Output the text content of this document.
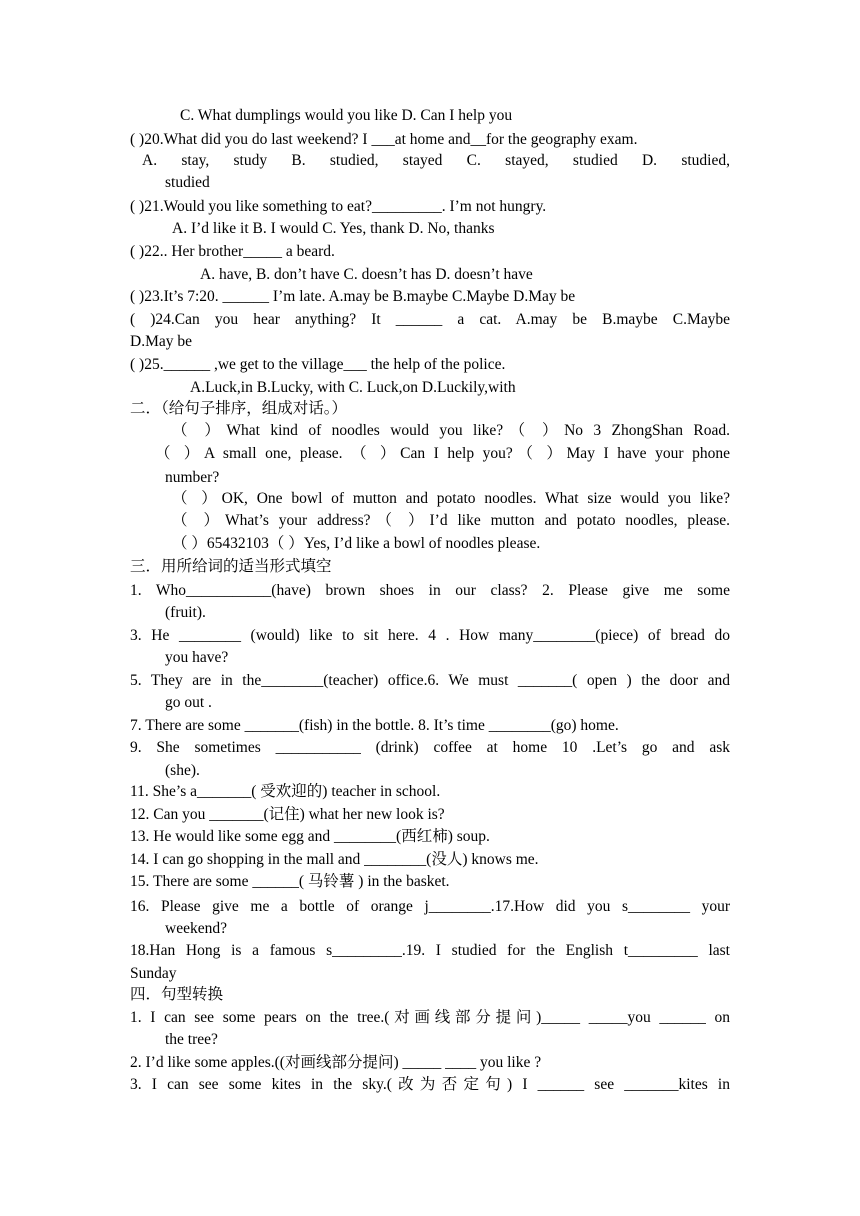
C. What dumplings would you like D. Can I help you
( )20.What did you do last weekend? I ___at home and__for the geography exam.
A. stay, study B. studied, stayed C. stayed, studied D. studied,
studied
( )21.Would you like something to eat?_________. I’m not hungry.
A. I’d like it B. I would C. Yes, thank D. No, thanks
( )22.. Her brother_____ a beard.
A. have, B. don’t have C. doesn’t has D. doesn’t have
( )23.It’s 7:20. ______ I’m late. A.may be B.maybe C.Maybe D.May be
( )24.Can you hear anything? It ______ a cat. A.may be B.maybe C.Maybe
D.May be
( )25.______ ,we get to the village___ the help of the police.
A.Luck,in B.Lucky, with C. Luck,on D.Luckily,with
二．（给句子排序，组成对话。）
（ ）What kind of noodles would you like?（ ）No 3 ZhongShan Road.
（ ）A small one, please. （ ）Can I help you?（ ）May I have your phone
number?
（ ）OK, One bowl of mutton and potato noodles. What size would you like?
（ ）What’s your address?（ ）I’d like mutton and potato noodles, please.
（ ）65432103（ ）Yes, I’d like a bowl of noodles please.
三．用所给词的适当形式填空
1. Who___________(have) brown shoes in our class? 2. Please give me some
(fruit).
3. He ________ (would) like to sit here. 4 . How many________(piece) of bread do
you have?
5. They are in the________(teacher) office.6. We must _______( open ) the door and
go out .
7. There are some _______(fish) in the bottle. 8. It’s time ________(go) home.
9. She sometimes ___________ (drink) coffee at home 10 .Let’s go and ask
(she).
11. She’s a_______( 受欢迎的) teacher in school.
12. Can you _______(记住) what her new look is?
13. He would like some egg and ________(西红柿) soup.
14. I can go shopping in the mall and ________(没人) knows me.
15. There are some ______( 马铃薯 ) in the basket.
16. Please give me a bottle of orange j________.17.How did you s________ your
weekend?
18.Han Hong is a famous s_________.19. I studied for the English t_________ last
Sunday
四．句型转换
1. I can see some pears on the tree.(对画线部分提问)_____ _____you ______ on
the tree?
2. I’d like some apples.((对画线部分提问) _____ ____ you like ?
3. I can see some kites in the sky.(改为否定句) I ______ see _______kites in
